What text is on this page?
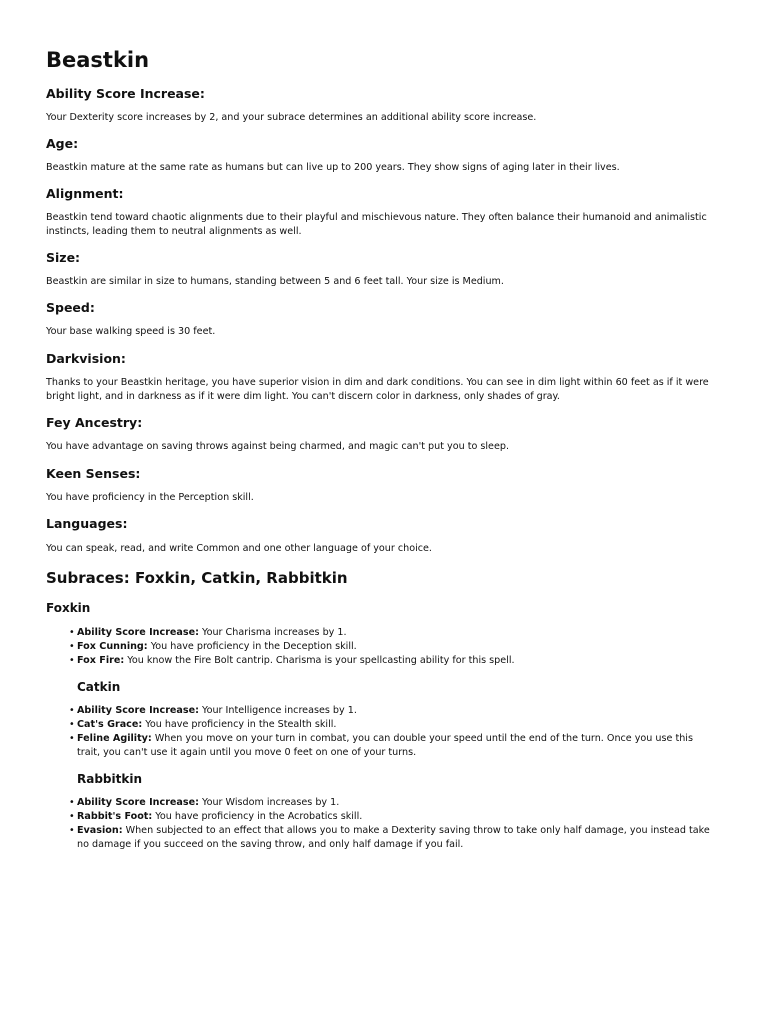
Beastkin
Ability Score Increase:

Your Dexterity score increases by 2, and your subrace determines an additional ability score increase.

Age:

Beastkin mature at the same rate as humans but can live up to 200 years. They show signs of aging later in their lives.

Alignment:

Beastkin tend toward chaotic alignments due to their playful and mischievous nature. They often balance their humanoid and animalistic instincts, leading them to neutral alignments as well.

Size:

Beastkin are similar in size to humans, standing between 5 and 6 feet tall. Your size is Medium.

Speed:

Your base walking speed is 30 feet.

Darkvision:

Thanks to your Beastkin heritage, you have superior vision in dim and dark conditions. You can see in dim light within 60 feet as if it were bright light, and in darkness as if it were dim light. You can't discern color in darkness, only shades of gray.

Fey Ancestry:

You have advantage on saving throws against being charmed, and magic can't put you to sleep.

Keen Senses:

You have proficiency in the Perception skill.

Languages:

You can speak, read, and write Common and one other language of your choice.

Subraces: Foxkin, Catkin, Rabbitkin
Foxkin
• Ability Score Increase: Your Charisma increases by 1.
• Fox Cunning: You have proficiency in the Deception skill.
• Fox Fire: You know the Fire Bolt cantrip. Charisma is your spellcasting ability for this spell.
Catkin
• Ability Score Increase: Your Intelligence increases by 1.
• Cat's Grace: You have proficiency in the Stealth skill.
• Feline Agility: When you move on your turn in combat, you can double your speed until the end of the turn. Once you use this trait, you can't use it again until you move 0 feet on one of your turns.
Rabbitkin
• Ability Score Increase: Your Wisdom increases by 1.
• Rabbit's Foot: You have proficiency in the Acrobatics skill.
• Evasion: When subjected to an effect that allows you to make a Dexterity saving throw to take only half damage, you instead take no damage if you succeed on the saving throw, and only half damage if you fail.
